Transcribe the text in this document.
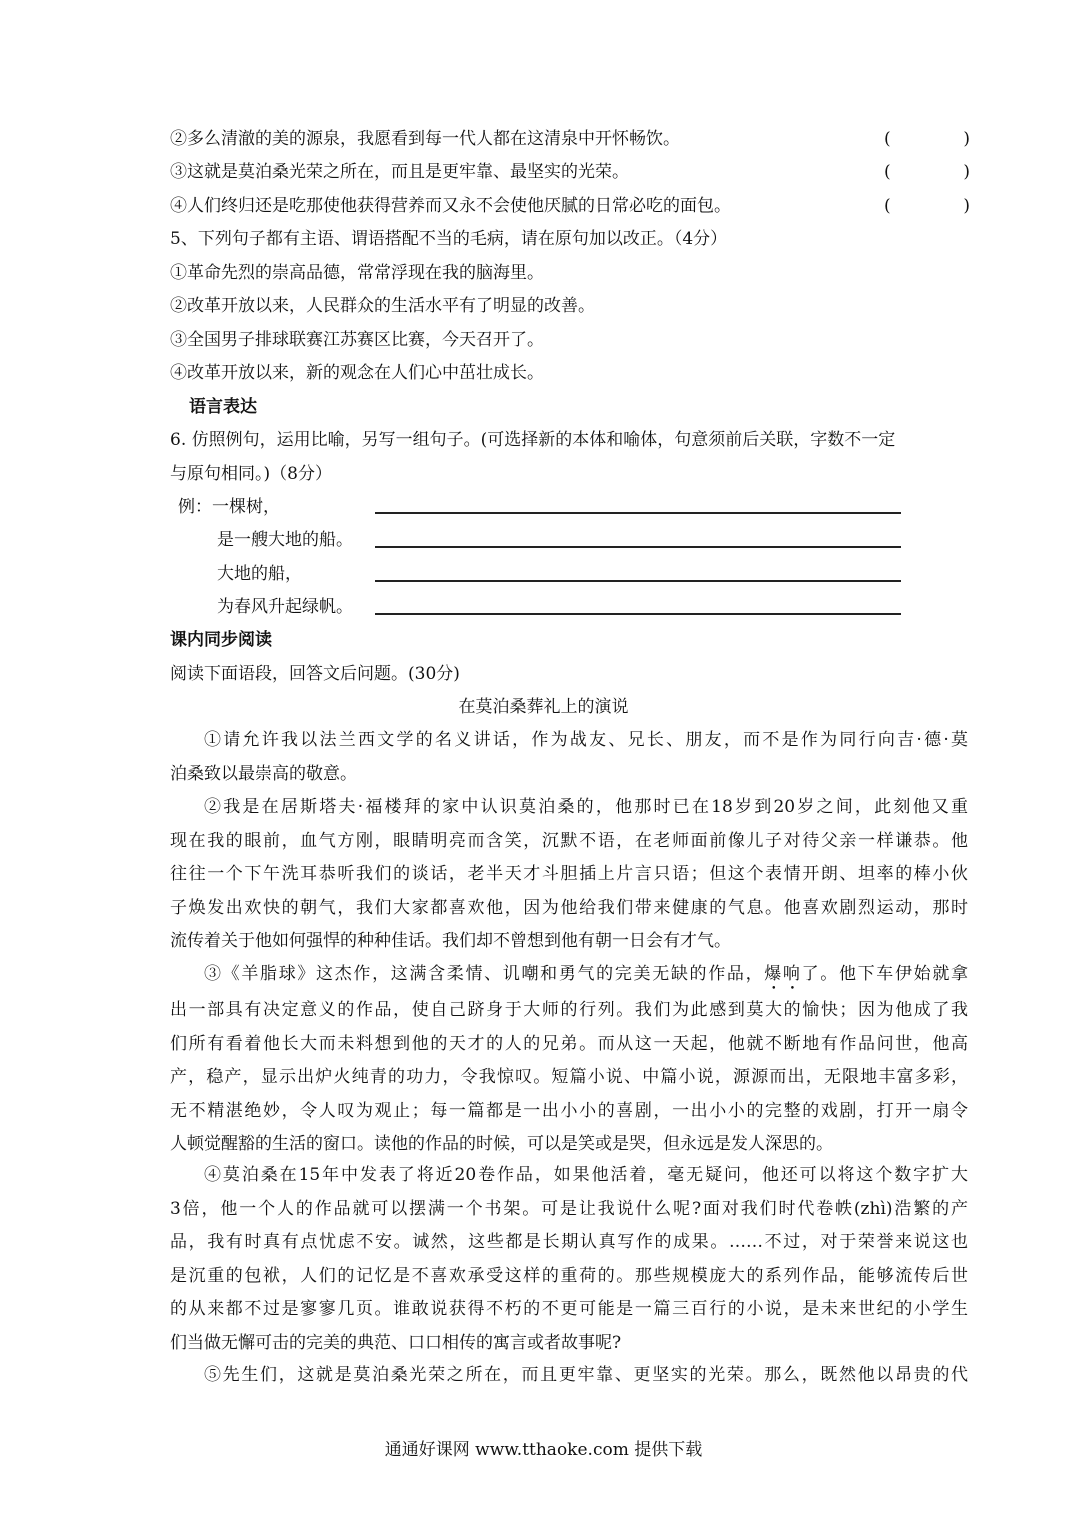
②多么清澈的美的源泉，我愿看到每一代人都在这清泉中开怀畅饮。	(	)
③这就是莫泊桑光荣之所在，而且是更牢靠、最坚实的光荣。	(	)
④人们终归还是吃那使他获得营养而又永不会使他厌腻的日常必吃的面包。	(	)
5、下列句子都有主语、谓语搭配不当的毛病，请在原句加以改正。（4分）
①革命先烈的崇高品德，常常浮现在我的脑海里。
②改革开放以来，人民群众的生活水平有了明显的改善。
③全国男子排球联赛江苏赛区比赛，今天召开了。
④改革开放以来，新的观念在人们心中茁壮成长。
语言表达
6. 仿照例句，运用比喻，另写一组句子。(可选择新的本体和喻体，句意须前后关联，字数不一定
与原句相同。)（8分）
例：一棵树，
是一艘大地的船。
大地的船，
为春风升起绿帆。
课内同步阅读
阅读下面语段，回答文后问题。(30分)
在莫泊桑葬礼上的演说
①请允许我以法兰西文学的名义讲话，作为战友、兄长、朋友，而不是作为同行向吉·德·莫
泊桑致以最崇高的敬意。
②我是在居斯塔夫·福楼拜的家中认识莫泊桑的，他那时已在18岁到20岁之间，此刻他又重
现在我的眼前，血气方刚，眼睛明亮而含笑，沉默不语，在老师面前像儿子对待父亲一样谦恭。他
往往一个下午洗耳恭听我们的谈话，老半天才斗胆插上片言只语；但这个表情开朗、坦率的棒小伙
子焕发出欢快的朝气，我们大家都喜欢他，因为他给我们带来健康的气息。他喜欢剧烈运动，那时
流传着关于他如何强悍的种种佳话。我们却不曾想到他有朝一日会有才气。
③《羊脂球》这杰作，这满含柔情、讥嘲和勇气的完美无缺的作品，爆响了。他下车伊始就拿
出一部具有决定意义的作品，使自己跻身于大师的行列。我们为此感到莫大的愉快；因为他成了我
们所有看着他长大而未料想到他的天才的人的兄弟。而从这一天起，他就不断地有作品问世，他高
产，稳产，显示出炉火纯青的功力，令我惊叹。短篇小说、中篇小说，源源而出，无限地丰富多彩，
无不精湛绝妙，令人叹为观止；每一篇都是一出小小的喜剧，一出小小的完整的戏剧，打开一扇令
人顿觉醒豁的生活的窗口。读他的作品的时候，可以是笑或是哭，但永远是发人深思的。
④莫泊桑在15年中发表了将近20卷作品，如果他活着，毫无疑问，他还可以将这个数字扩大
3倍，他一个人的作品就可以摆满一个书架。可是让我说什么呢?面对我们时代卷帙(zhì)浩繁的产
品，我有时真有点忧虑不安。诚然，这些都是长期认真写作的成果。……不过，对于荣誉来说这也
是沉重的包袱，人们的记忆是不喜欢承受这样的重荷的。那些规模庞大的系列作品，能够流传后世
的从来都不过是寥寥几页。谁敢说获得不朽的不更可能是一篇三百行的小说，是未来世纪的小学生
们当做无懈可击的完美的典范、口口相传的寓言或者故事呢?
⑤先生们，这就是莫泊桑光荣之所在，而且更牢靠、更坚实的光荣。那么，既然他以昂贵的代
通通好课网 www.tthaoke.com 提供下载
